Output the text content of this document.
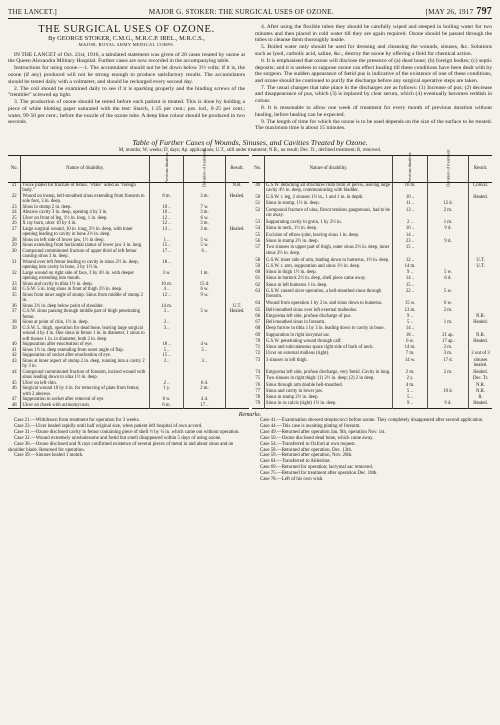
THE LANCET.]	MAJOR G. STOKER: THE SURGICAL USES OF OZONE.	[MAY 26, 1917 797
THE SURGICAL USES OF OZONE.
By GEORGE STOKER, C.M.G., M.R.C.P. IREL., M.R.C.S.,
MAJOR, ROYAL ARMY MEDICAL CORPS.

IN THE LANCET of Oct. 21st, 1916, a tabulated statement was given of 20 cases treated by ozone at the Queen Alexandra Military Hospital. Further cases are now recorded in the accompanying table.

Instructions for using ozone.—1. The accumulator should not be let down below 3½ volts; if it is, the ozone (if any) produced will not be strong enough to produce satisfactory results. The accumulators should be tested daily with a voltmeter, and should be recharged every second day.

2. The coil should be examined daily to see if it is sparking properly and the binding screws of the "trembler" screwed up tight.

3. The production of ozone should be tested before each patient is treated. This is done by holding a piece of white blotting paper saturated with the test: Starch, 1·25 per cent.; pot. iod., 0·25 per cent.; water, 99·50 per cent.; before the nozzle of the ozone tube. A deep blue colour should be produced in two seconds.

4. After using the flexible tubes they should be carefully wiped and steeped in boiling water for two minutes and then placed in cold water till they are again required. Ozone should be passed through the tubes to cleanse them thoroughly inside.

5. Boiled water only should be used for dressing and cleansing the wounds, sinuses, &c. Solutions such as lysol, carbolic acid, saline, &c., destroy the ozone by offering a field for chemical action.

6. It is emphasised that ozone will disclose the presence of (a) dead bone; (b) foreign bodies; (c) septic deposits; and it is useless to suppose ozone can effect healing till these conditions have been dealt with by the surgeon. The sudden appearance of fœtid pus is indicative of the existence of one of these conditions, and ozone should be continued to purify the discharge before any surgical operative steps are taken.

7. The usual changes that take place in the discharges are as follows: (1) Increase of pus; (2) decrease and disappearance of pus, which (3) is replaced by clear serum, which (4) eventually becomes reddish in colour.

8. It is reasonable to allow one week of treatment for every month of previous duration without healing, before healing can be expected.

9. The length of time for which the ozone is to be used depends on the size of the surface to be treated. The maximum time is about 15 minutes.

Table of Further Cases of Wounds, Sinuses, and Cavities Treated by Ozone.
M, months; W, weeks; D, days; Ap. applications; U.T., still under treatment; N.R., no result; Dec. Tr., declined treatment; R, removed.
No.	Nature of disability.	Previous duration.	Duration of treatment.	Result.
21	Twice plated for fracture of femur. "Plate" acted as "foreign body."			N.R.
22	Wound on instep, bell-mouthed sinus extending from forearm to sole foot, 3 in. deep.	8 m.	3 m.	Healed.
23	Sinus in stump 2 in. deep.	10 ..	7 w.	
24	Abscess cavity 3 in. deep, opening 4 by 3 in.	10 ..	3 m.	
25	Ulcer on front of leg, 1½ in. long, 1 in. deep.	12 ..	6 w.	
26	X ray burn, ulcer 10 by 4 in.	12 ..	3 m.	
27	Large surgical wound, 10 in. long, 2½ in. deep, with inner opening leading to cavity in bone 2½ in. deep.	13 ..	3 m.	Healed.
28	Sinus on left side of lower jaw, 1½ in deep.	1 ..	5 w.	
29	Sinus extending from horizontal ramus of lower jaw 3 in. long.	15 ..	5 w.	
30	Compound comminuted fracture of upper third of left femur causing sinus 3 in. deep.	17 ..	6 ..	
31	Wound over left femur leading to cavity in sinus 2½ in. deep, opening into cavity in bone, 3 by 1½ in.	18 ..		
32	Large wound on right side of face, 3 by 4½ in. with deeper opening extending into mouth.	3 w.	1 m.	
33	Sinus and cavity in tibia 1½ in. deep.	10 m.	15 d.	
34	G.S.W. 5 in. long sinus in front of thigh 2½ in. deep.	4 ..	6 w.	
35	Sinus from inner angle of stump. Sinus from middle of stump 2 in.	12 ..	9 w.	
36	Sinus 3½ in. deep below point of shoulder.	14 m.		U.T.
37	G.S.W. sinus passing through middle part of thigh penetrating femur.	3 ..	5 w.	Healed.
38	Sinus at point of chin, 1½ in. deep.	3 ..		
39	G.S.W. L. thigh, operation for dead bone, leaving large surgical wound 4 by 4 in. One sinus in femur 1 in. in diameter, 1 sinus to soft tissues 1 in. in diameter, both 2 in. deep.	3 ..		
40	Suppuration after enucleation of eye.	18 ..	4 w.	
41	Sinus 1½ in. deep extending from outer angle of flap.	5 ..	5 ..	
42	Suppuration of socket after enucleation of eye.	15 ..		
43	Sinus at inner aspect of stump 2 in. deep, running into a cavity 2 by 3 in.	3 ..	3 ..	
44	Compound comminuted fracture of forearm, incised wound with sinus leading down to ulna 1½ in. deep.			
45	Ulcer on left chin.	2 ..	6 d.	
46	Surgical wound 10 by 4 in. for removing of plate from femur, with 2 abscess.	1 y.	2 m.	
47	Suppuration in socket after removal of eye.	6 w.	4 d.	
48	Ulcer on cheek with actinomycosis.	6 m.	17 ..	
No.	Nature of disability.	Previous duration.	Duration of treatment.	Result.
49	G.S.W. detaching all structures from brim of pelvis, leaving large cavity 4½ in. deep, communicating with bladder.	16 m.		Conval.
50	G.S.W. r. leg, 2 sinuses 1½ in., 1 and 1 in. in depth.	10 ..		Healed.
51	Sinus in stump, 1½ in. deep.	11 ..	12 d.	
52	Compound fracture of ulna, flexor tendons gangrenous, had to be cut away.	13 ..	2 m.	
53	Suppurating cavity in groin, 1 by 2½ in.	2 ..	1 m.	
54	Sinus in neck, 1½ in. deep.	10 ..	9 d.	
55	Excision of elbow-joint, leaving sinus 1 in. deep.	14 ..		
56	Sinus in stump 2½ in. deep.	23 ..	9 d.	
57	Two sinuses in upper part of thigh, outer sinus 2½ in. deep, inner sinus 3½ in. deep.	15 ..		
58	G.S.W. inner side of arm, leading down to humerus, 1½ in. deep.	12 ..		U.T.
59	G.S.W. r. arm, suppuration and sinus 1½ in. deep.	14 m.		U.T.
60	Sinus in thigh 1½ in. deep.	9 ..	5 w.	
61	Sinus in buttock 2½ in. deep, shell piece came away.	14 ..	6 d.	
62	Sinus in left humerus 1 in. deep.	15 ..		
63	G.S.W. caused ulcer operation, a bell-mouthed sinus through forearm.	22 ..	5 w.	
64	Wound from operation 1 by 3 in. and sinus down to humerus.	15 w.	6 w.	
65	Bell-mouthed sinus over left external malleolus.	13 m.	2 m.	
66	Empyema left side, profuse discharge of pus.	9 ..		N.R.
67	Bell-mouthed sinus in forearm.	5 ..	1 m.	Healed.
68	Deep furrow in tibia 1 by 3 in. leading down to cavity in bone.	14 ..		
69	Suppuration in right lacrymal sac.	18 ..	21 ap.	N.R.
70	G.S.W. penetrating wound through calf.	6 w.	17 ap.	Healed.
71	Sinus and subcutaneous space right side of back of neck.	14 m.	2 m.	
72	Ulcer on external malleus (right).	7 m.	3 m.	2 out of 3
73	3 sinuses in left thigh.	14 w.	17 d.	sinuses healed.
74	Empyema left side, profuse discharge, very fœtid. Cavity in lung.	2 m.	2 m.	Healed.
75	Two sinuses in right thigh: (1) 2½ in. deep; (2) 2 in deep.	2 y.		Dec. Tr.
76	Sinus through arm double bell-mouthed.	4 m.		N.R.
77	Sinus and cavity in lower jaw.	5 ..	19 d.	N.R.
78	Sinus in stump 2½ in. deep.	5 ..		R.
79	Sinus in os calcis (right) 1½ in. deep.	9 ..	9 d.	Healed.
Remarks.

Case 21.—Withdrawn from treatment for operation for 3 weeks.

Case 23.—Ulcer healed rapidly until half original size, when patient left hospital of own accord.

Case 31.—Ozone disclosed cavity in femur containing piece of shell ½ by ¼ in. which came out without operation.

Case 32.—Wound extremely unwholesome and fœtid but smell disappeared within 5 days of using ozone.

Case 36.—Ozone disclosed and X rays confirmed existence of several pieces of metal in and about sinus and on shoulder blade. Returned for operation.

Case 39.—Sinuses healed 1 month.

Case 41.—Examination showed streptococci before ozone. They completely disappeared after second application.

Case 44.—This case is awaiting plating of forearm.

Case 49.—Returned after operation Jan. 9th, operation Nov. 1st.

Case 50.—Ozone disclosed dead bone, which came away.

Case 54.—Transferred to Oxford at own request.

Case 58.—Returned after operation, Dec. 13th.

Case 59.—Returned after operation, Nov. 20th.

Case 64.—Transferred to Aldershot.

Case 69.—Returned for operation; lacrymal sac removed.

Case 75.—Returned for treatment after operation Dec. 18th.

Case 78.—Left of his own wish.
